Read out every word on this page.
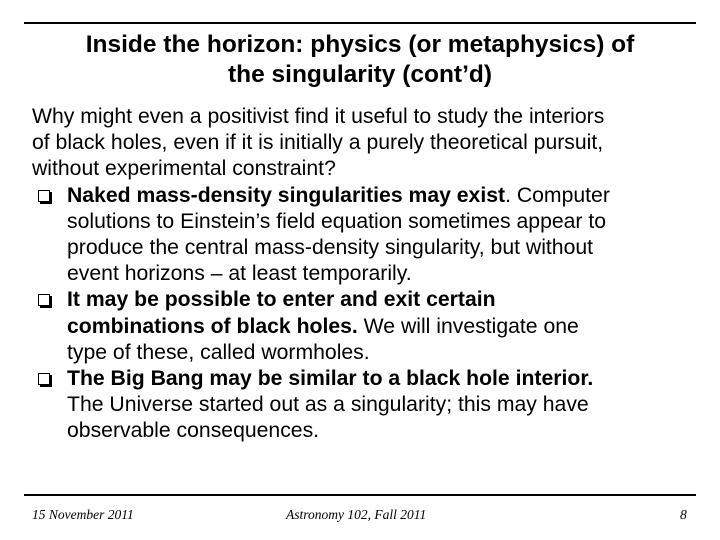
Inside the horizon: physics (or metaphysics) of
the singularity (cont’d)
Why might even a positivist find it useful to study the interiors
of black holes, even if it is initially a purely theoretical pursuit,
without experimental constraint?
Naked mass-density singularities may exist. Computer
solutions to Einstein’s field equation sometimes appear to
produce the central mass-density singularity, but without
event horizons – at least temporarily.
It may be possible to enter and exit certain
combinations of black holes. We will investigate one
type of these, called wormholes.
The Big Bang may be similar to a black hole interior.
The Universe started out as a singularity; this may have
observable consequences.
15 November 2011	Astronomy 102, Fall 2011	8
